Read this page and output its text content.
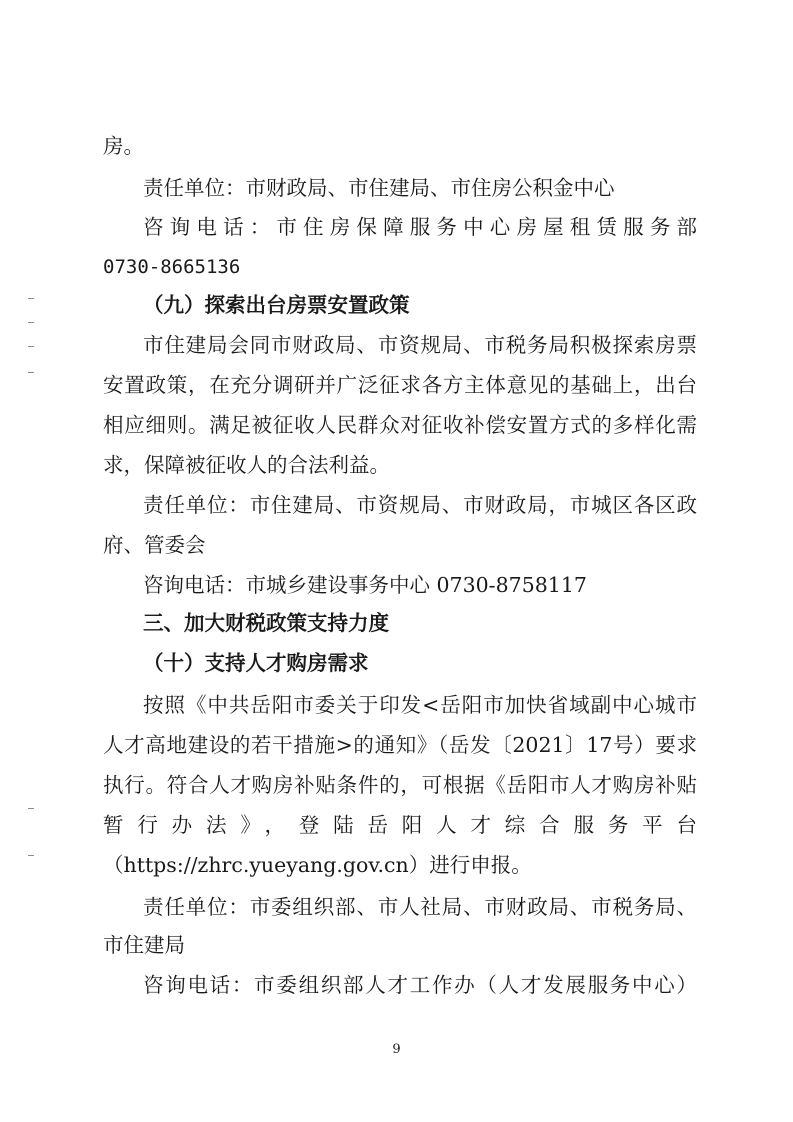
房。
责任单位：市财政局、市住建局、市住房公积金中心
咨询电话：市住房保障服务中心房屋租赁服务部
0730-8665136
（九）探索出台房票安置政策
市住建局会同市财政局、市资规局、市税务局积极探索房票
安置政策，在充分调研并广泛征求各方主体意见的基础上，出台
相应细则。满足被征收人民群众对征收补偿安置方式的多样化需
求，保障被征收人的合法利益。
责任单位：市住建局、市资规局、市财政局，市城区各区政
府、管委会
咨询电话：市城乡建设事务中心 0730-8758117
三、加大财税政策支持力度
（十）支持人才购房需求
按照《中共岳阳市委关于印发<岳阳市加快省域副中心城市
人才高地建设的若干措施>的通知》（岳发〔2021〕17号）要求
执行。符合人才购房补贴条件的，可根据《岳阳市人才购房补贴
暂行办法》，登陆岳阳人才综合服务平台
（https://zhrc.yueyang.gov.cn）进行申报。
责任单位：市委组织部、市人社局、市财政局、市税务局、
市住建局
咨询电话：市委组织部人才工作办（人才发展服务中心）
9
